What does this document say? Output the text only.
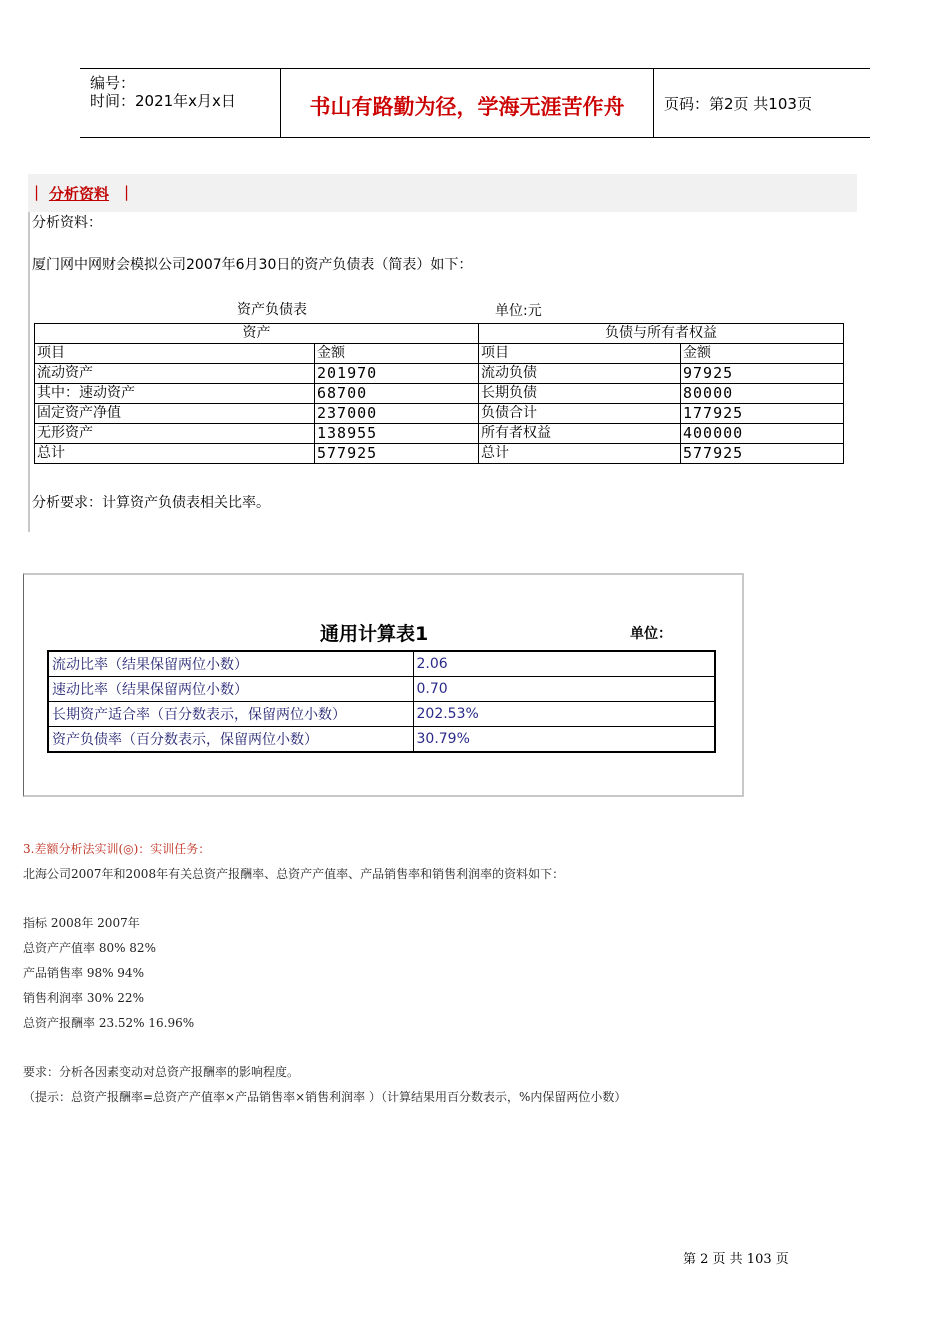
编号：
时间：2021年x月x日	书山有路勤为径，学海无涯苦作舟	页码：第2页 共103页
| 分析资料 |
分析资料：
厦门网中网财会模拟公司2007年6月30日的资产负债表（简表）如下：
资产负债表	单位:元
资产		负债与所有者权益	
项目	金额	项目	金额
流动资产	201970	流动负债	97925
其中：速动资产	68700	长期负债	80000
固定资产净值	237000	负债合计	177925
无形资产	138955	所有者权益	400000
总计	577925	总计	577925
分析要求：计算资产负债表相关比率。
通用计算表1	单位：
流动比率（结果保留两位小数）	2.06
速动比率（结果保留两位小数）	0.70
长期资产适合率（百分数表示，保留两位小数）	202.53%
资产负债率（百分数表示，保留两位小数）	30.79%
3.差额分析法实训(◎)：实训任务：
北海公司2007年和2008年有关总资产报酬率、总资产产值率、产品销售率和销售利润率的资料如下：
指标 2008年 2007年
总资产产值率 80% 82%
产品销售率 98% 94%
销售利润率 30% 22%
总资产报酬率 23.52% 16.96%
要求：分析各因素变动对总资产报酬率的影响程度。
（提示：总资产报酬率=总资产产值率×产品销售率×销售利润率 ）（计算结果用百分数表示，%内保留两位小数）
第 2 页 共 103 页
